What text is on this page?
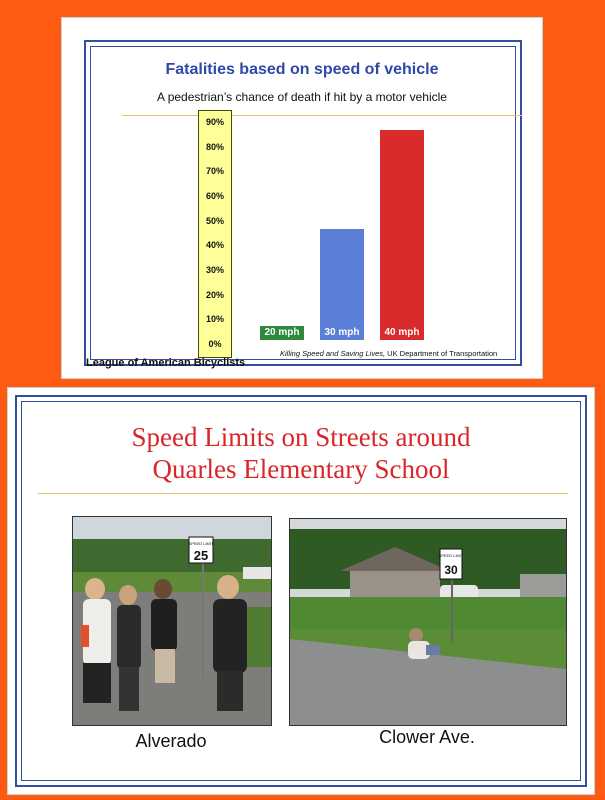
Fatalities based on speed of vehicle
A pedestrian’s chance of death if hit by a motor vehicle
90%
80%
70%
60%
50%
40%
30%
20%
10%
0%
20 mph	30 mph	40 mph
League of American Bicyclists
Killing Speed and Saving Lives, UK Department of Transportation
Speed Limits on Streets around
Quarles Elementary School
SPEED LIMIT
25
Alverado
SPEED LIMIT
30
Clower Ave.
